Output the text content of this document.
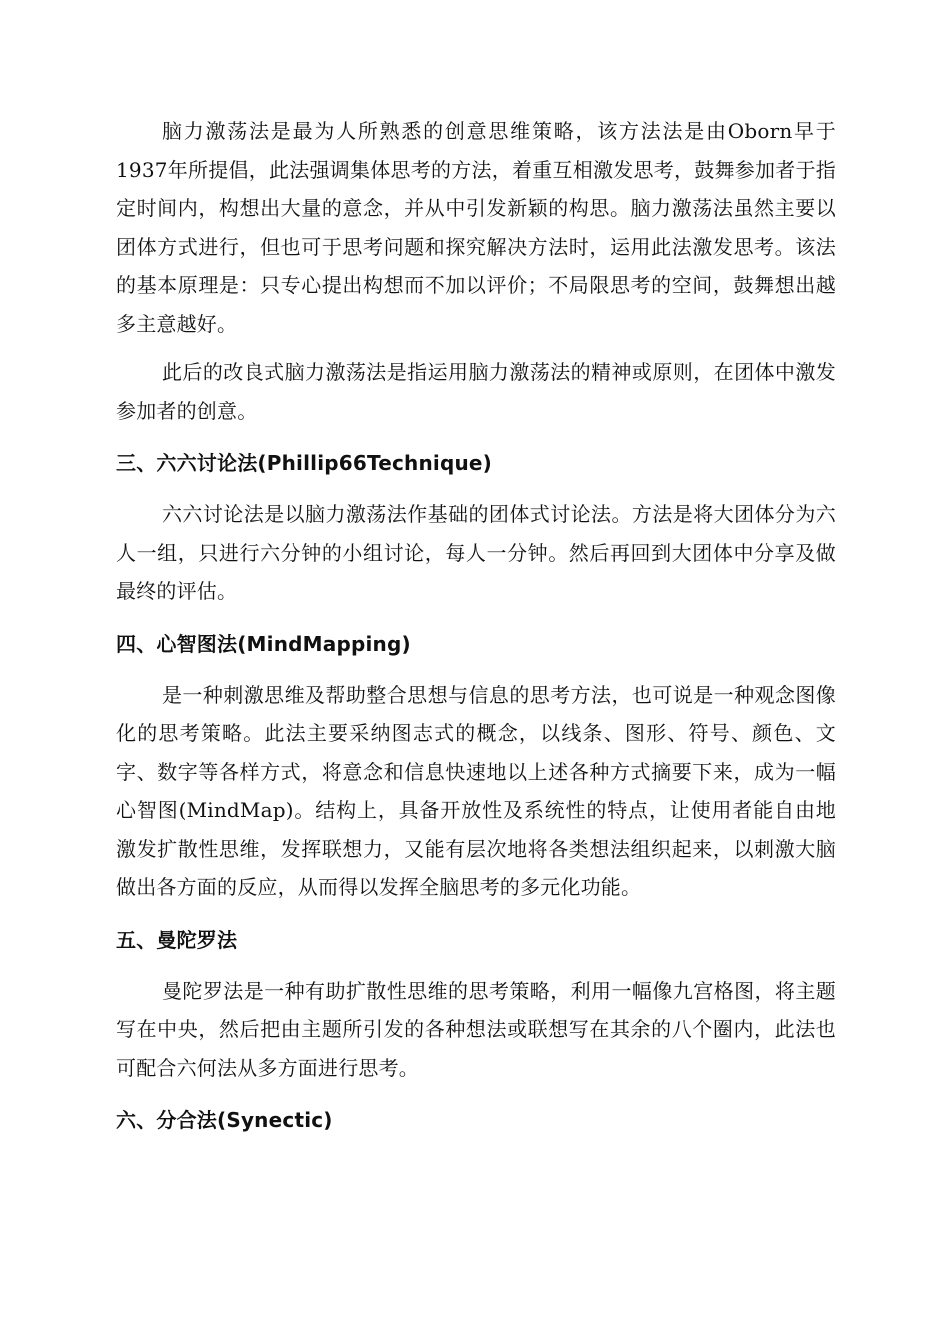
脑力激荡法是最为人所熟悉的创意思维策略，该方法法是由Oborn早于1937年所提倡，此法强调集体思考的方法，着重互相激发思考，鼓舞参加者于指定时间内，构想出大量的意念，并从中引发新颖的构思。脑力激荡法虽然主要以团体方式进行，但也可于思考问题和探究解决方法时，运用此法激发思考。该法的基本原理是：只专心提出构想而不加以评价；不局限思考的空间，鼓舞想出越多主意越好。

此后的改良式脑力激荡法是指运用脑力激荡法的精神或原则，在团体中激发参加者的创意。

三、六六讨论法(Phillip66Technique)

六六讨论法是以脑力激荡法作基础的团体式讨论法。方法是将大团体分为六人一组，只进行六分钟的小组讨论，每人一分钟。然后再回到大团体中分享及做最终的评估。

四、心智图法(MindMapping)

是一种刺激思维及帮助整合思想与信息的思考方法，也可说是一种观念图像化的思考策略。此法主要采纳图志式的概念，以线条、图形、符号、颜色、文字、数字等各样方式，将意念和信息快速地以上述各种方式摘要下来，成为一幅心智图(MindMap)。结构上，具备开放性及系统性的特点，让使用者能自由地激发扩散性思维，发挥联想力，又能有层次地将各类想法组织起来，以刺激大脑做出各方面的反应，从而得以发挥全脑思考的多元化功能。

五、曼陀罗法

曼陀罗法是一种有助扩散性思维的思考策略，利用一幅像九宫格图，将主题写在中央，然后把由主题所引发的各种想法或联想写在其余的八个圈内，此法也可配合六何法从多方面进行思考。

六、分合法(Synectic)
